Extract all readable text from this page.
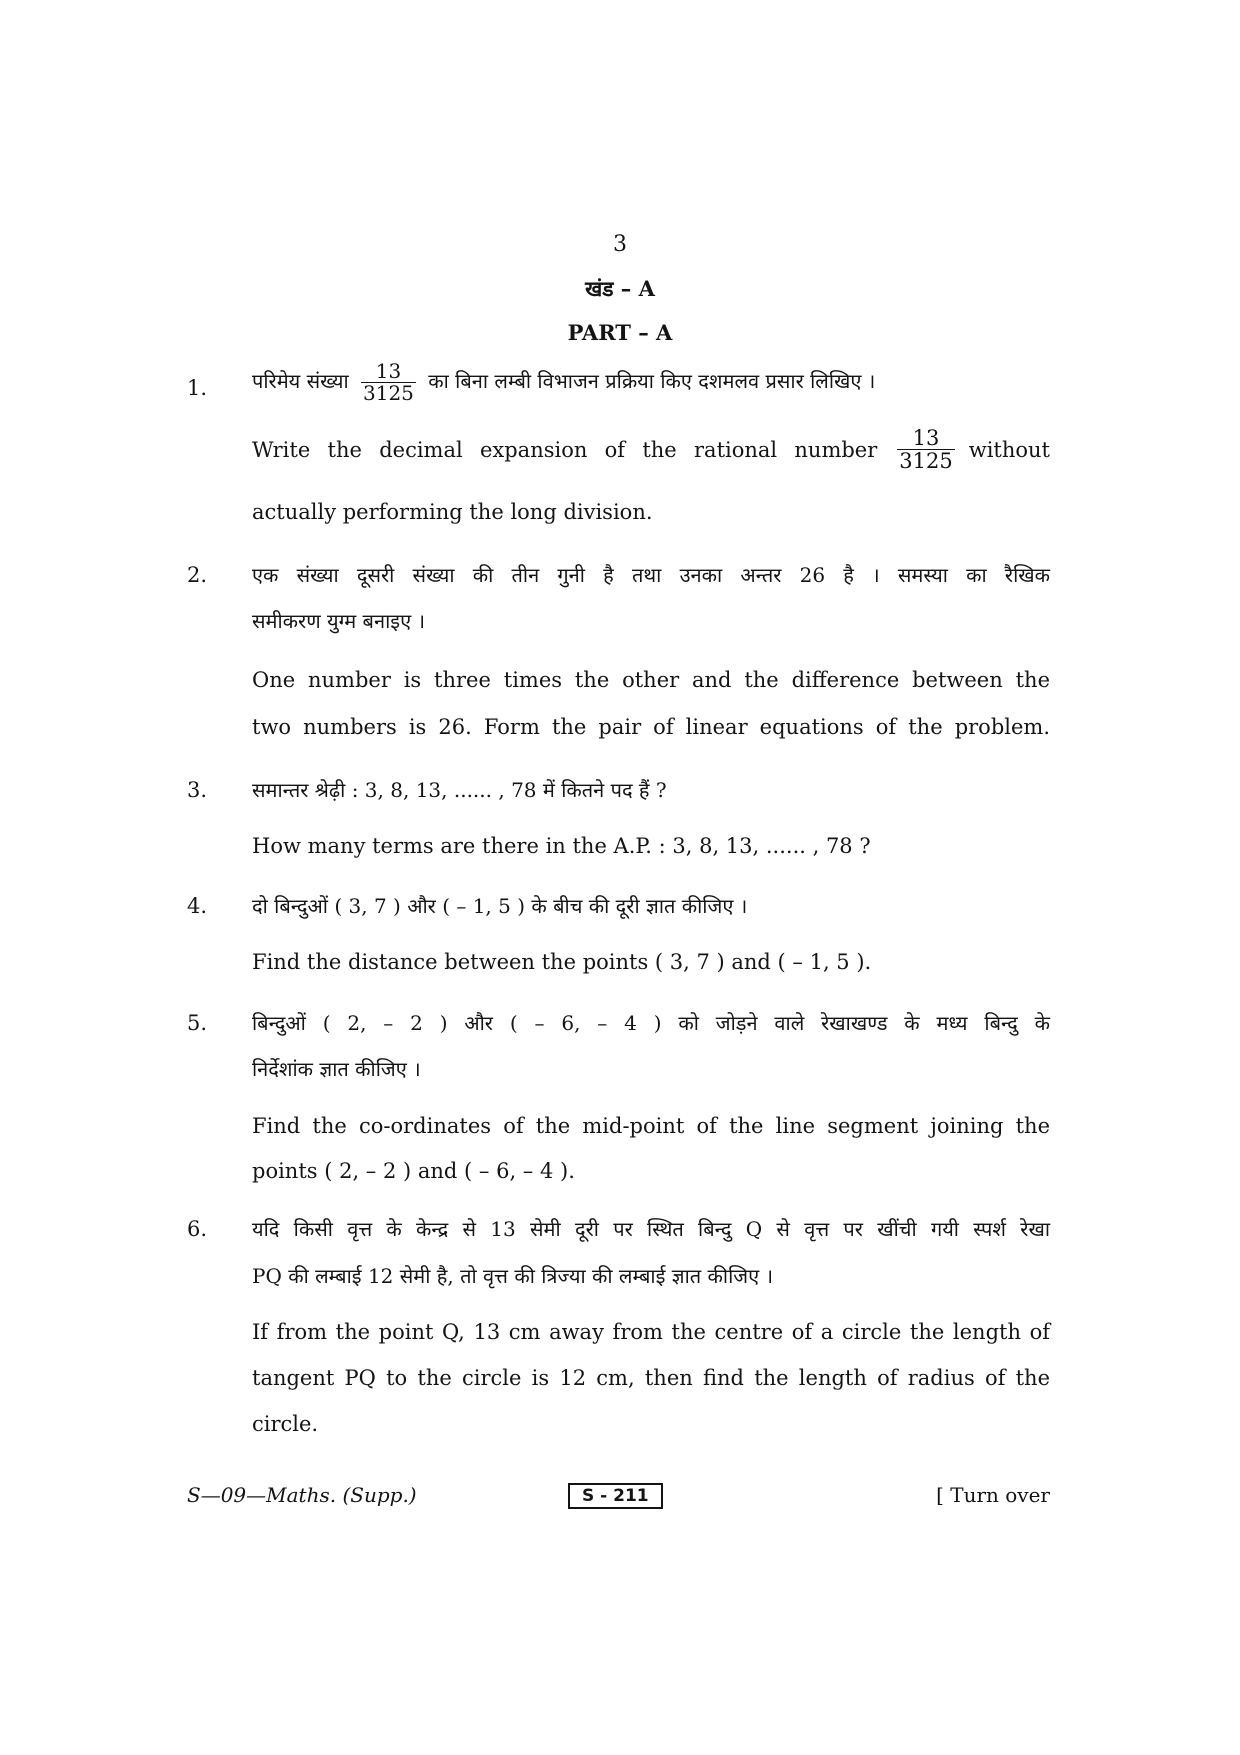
3
खंड – A
PART – A
1. परिमेय संख्या $\frac{13}{3125}$ का बिना लम्बी विभाजन प्रक्रिया किए दशमलव प्रसार लिखिए ।
Write the decimal expansion of the rational number $\frac{13}{3125}$ without
actually performing the long division.
2. एक संख्या दूसरी संख्या की तीन गुनी है तथा उनका अन्तर 26 है । समस्या का रैखिक
समीकरण युग्म बनाइए ।
One number is three times the other and the difference between the
two numbers is 26. Form the pair of linear equations of the problem.
3. समान्तर श्रेढ़ी : 3, 8, 13, ...... , 78 में कितने पद हैं ?
How many terms are there in the A.P. : 3, 8, 13, ...... , 78 ?
4. दो बिन्दुओं ( 3, 7 ) और ( – 1, 5 ) के बीच की दूरी ज्ञात कीजिए ।
Find the distance between the points ( 3, 7 ) and ( – 1, 5 ).
5. बिन्दुओं ( 2, – 2 ) और ( – 6, – 4 ) को जोड़ने वाले रेखाखण्ड के मध्य बिन्दु के
निर्देशांक ज्ञात कीजिए ।
Find the co-ordinates of the mid-point of the line segment joining the
points ( 2, – 2 ) and ( – 6, – 4 ).
6. यदि किसी वृत्त के केन्द्र से 13 सेमी दूरी पर स्थित बिन्दु Q से वृत्त पर खींची गयी स्पर्श रेखा
PQ की लम्बाई 12 सेमी है, तो वृत्त की त्रिज्या की लम्बाई ज्ञात कीजिए ।
If from the point Q, 13 cm away from the centre of a circle the length of
tangent PQ to the circle is 12 cm, then find the length of radius of the
circle.
S—09—Maths. (Supp.)	S - 211	[ Turn over
